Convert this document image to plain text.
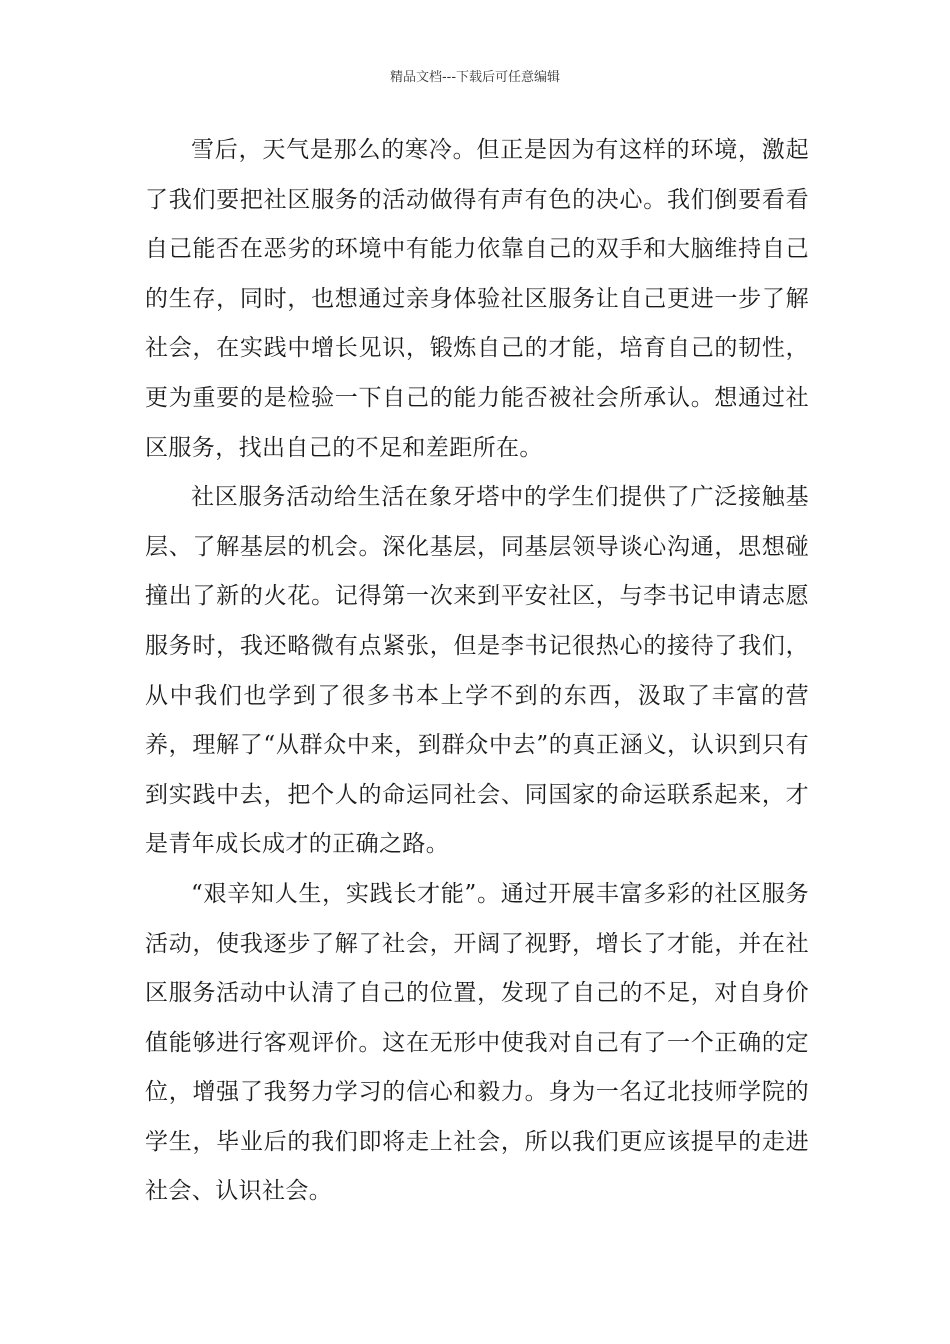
精品文档---下载后可任意编辑

雪后，天气是那么的寒冷。但正是因为有这样的环境，激起了我们要把社区服务的活动做得有声有色的决心。我们倒要看看自己能否在恶劣的环境中有能力依靠自己的双手和大脑维持自己的生存，同时，也想通过亲身体验社区服务让自己更进一步了解社会，在实践中增长见识，锻炼自己的才能，培育自己的韧性，更为重要的是检验一下自己的能力能否被社会所承认。想通过社区服务，找出自己的不足和差距所在。

社区服务活动给生活在象牙塔中的学生们提供了广泛接触基层、了解基层的机会。深化基层，同基层领导谈心沟通，思想碰撞出了新的火花。记得第一次来到平安社区，与李书记申请志愿服务时，我还略微有点紧张，但是李书记很热心的接待了我们，从中我们也学到了很多书本上学不到的东西，汲取了丰富的营养，理解了“从群众中来，到群众中去”的真正涵义，认识到只有到实践中去，把个人的命运同社会、同国家的命运联系起来，才是青年成长成才的正确之路。

“艰辛知人生，实践长才能”。通过开展丰富多彩的社区服务活动，使我逐步了解了社会，开阔了视野，增长了才能，并在社区服务活动中认清了自己的位置，发现了自己的不足，对自身价值能够进行客观评价。这在无形中使我对自己有了一个正确的定位，增强了我努力学习的信心和毅力。身为一名辽北技师学院的学生，毕业后的我们即将走上社会，所以我们更应该提早的走进社会、认识社会。
